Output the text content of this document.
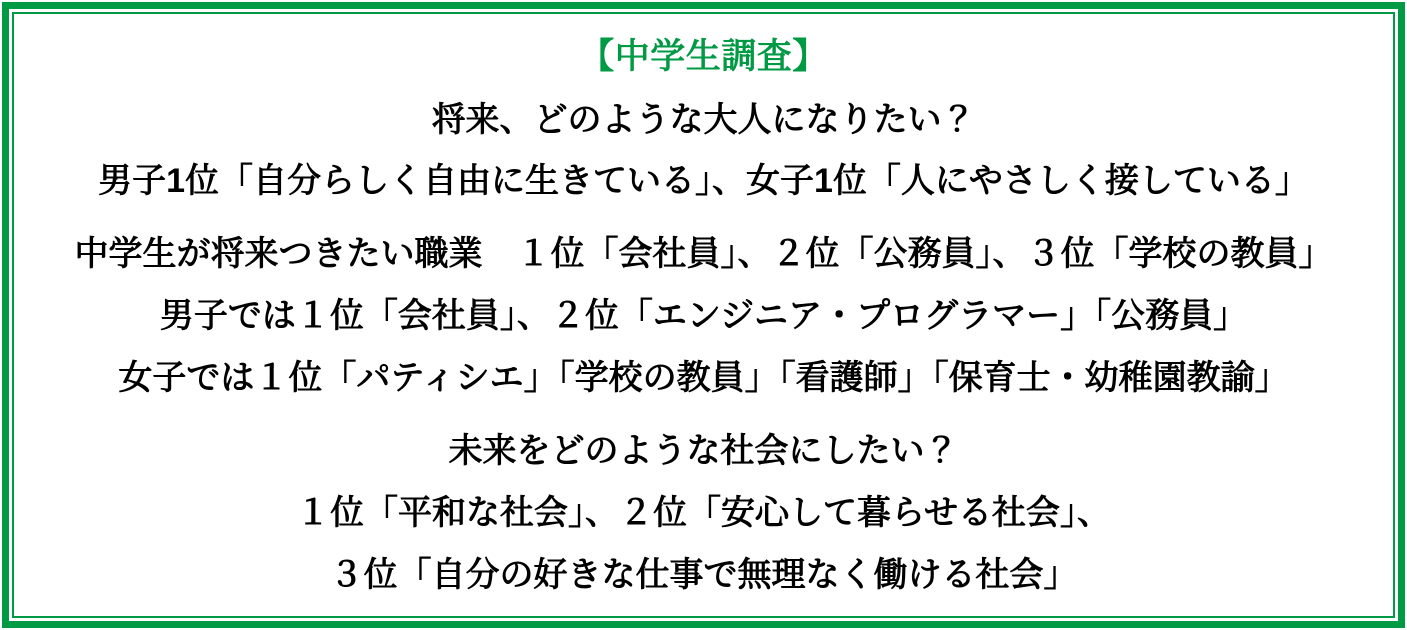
【中学生調査】
将来、どのような大人になりたい？
男子1位「自分らしく自由に生きている」、女子1位「人にやさしく接している」
中学生が将来つきたい職業　１位「会社員」、２位「公務員」、３位「学校の教員」
男子では１位「会社員」、２位「エンジニア・プログラマー」「公務員」
女子では１位「パティシエ」「学校の教員」「看護師」「保育士・幼稚園教諭」
未来をどのような社会にしたい？
１位「平和な社会」、２位「安心して暮らせる社会」、
３位「自分の好きな仕事で無理なく働ける社会」
